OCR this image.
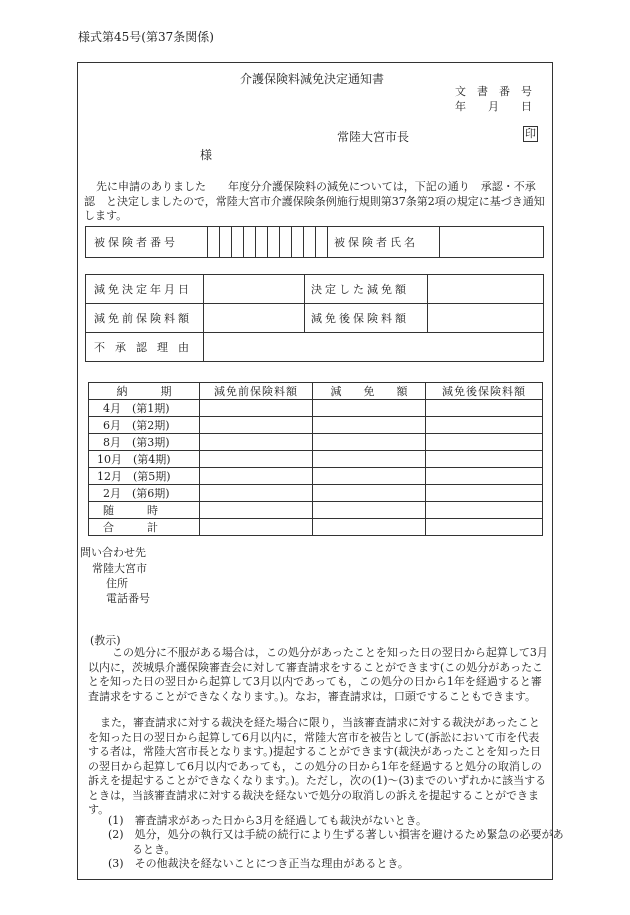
様式第45号(第37条関係)
介護保険料減免決定通知書
文　書　番　号
年　　月　　日
常陸大宮市長	印
様
先に申請のありました　　年度分介護保険料の減免については，下記の通り　承認・不承認　と決定しましたので，常陸大宮市介護保険条例施行規則第37条第2項の規定に基づき通知します。
被保険者番号											被保険者氏名	
減免決定年月日		決定した減免額	
減免前保険料額		減免後保険料額	
不承認理由			
納　　　期	減免前保険料額	減　　免　　額	減免後保険料額
4月　(第1期)			
6月　(第2期)			
8月　(第3期)			
10月　(第4期)			
12月　(第5期)			
2月　(第6期)			
随　　　時			
合　　　計			
問い合わせ先
常陸大宮市
住所
電話番号
(教示)
この処分に不服がある場合は，この処分があったことを知った日の翌日から起算して3月以内に，茨城県介護保険審査会に対して審査請求をすることができます(この処分があったことを知った日の翌日から起算して3月以内であっても，この処分の日から1年を経過すると審査請求をすることができなくなります。)。なお，審査請求は，口頭ですることもできます。
また，審査請求に対する裁決を経た場合に限り，当該審査請求に対する裁決があったことを知った日の翌日から起算して6月以内に，常陸大宮市を被告として(訴訟において市を代表する者は，常陸大宮市長となります。)提起することができます(裁決があったことを知った日の翌日から起算して6月以内であっても，この処分の日から1年を経過すると処分の取消しの訴えを提起することができなくなります。)。ただし，次の(1)～(3)までのいずれかに該当するときは，当該審査請求に対する裁決を経ないで処分の取消しの訴えを提起することができます。
(1)　審査請求があった日から3月を経過しても裁決がないとき。
(2)　処分，処分の執行又は手続の続行により生ずる著しい損害を避けるため緊急の必要があるとき。
(3)　その他裁決を経ないことにつき正当な理由があるとき。
